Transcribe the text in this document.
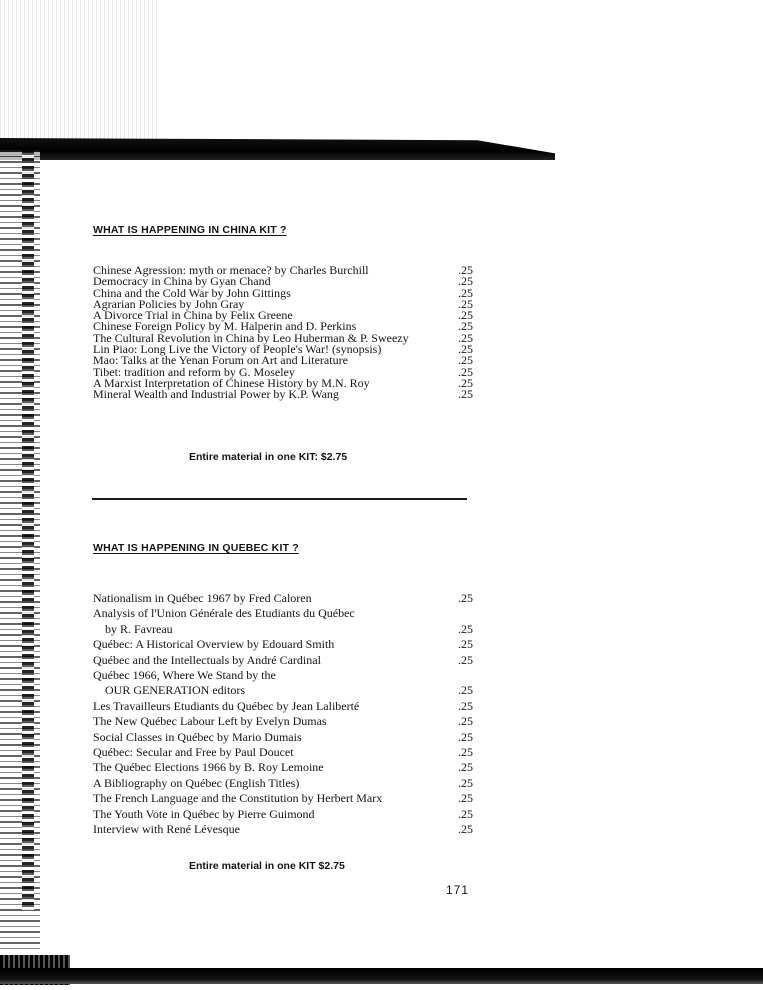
WHAT IS HAPPENING IN CHINA KIT ?
Chinese Agression: myth or menace? by Charles Burchill	.25
Democracy in China by Gyan Chand	.25
China and the Cold War by John Gittings	.25
Agrarian Policies by John Gray	.25
A Divorce Trial in China by Felix Greene	.25
Chinese Foreign Policy by M. Halperin and D. Perkins	.25
The Cultural Revolution in China by Leo Huberman & P. Sweezy	.25
Lin Piao: Long Live the Victory of People's War! (synopsis)	.25
Mao: Talks at the Yenan Forum on Art and Literature	.25
Tibet: tradition and reform by G. Moseley	.25
A Marxist Interpretation of Chinese History by M.N. Roy	.25
Mineral Wealth and Industrial Power by K.P. Wang	.25
Entire material in one KIT: $2.75
WHAT IS HAPPENING IN QUEBEC KIT ?
Nationalism in Québec 1967 by Fred Caloren	.25
Analysis of l'Union Générale des Etudiants du Québec
by R. Favreau	.25
Québec: A Historical Overview by Edouard Smith	.25
Québec and the Intellectuals by André Cardinal	.25
Québec 1966, Where We Stand by the
OUR GENERATION editors	.25
Les Travailleurs Etudiants du Québec by Jean Laliberté	.25
The New Québec Labour Left by Evelyn Dumas	.25
Social Classes in Québec by Mario Dumais	.25
Québec: Secular and Free by Paul Doucet	.25
The Québec Elections 1966 by B. Roy Lemoine	.25
A Bibliography on Québec (English Titles)	.25
The French Language and the Constitution by Herbert Marx	.25
The Youth Vote in Québec by Pierre Guimond	.25
Interview with René Lévesque	.25
Entire material in one KIT $2.75
171
